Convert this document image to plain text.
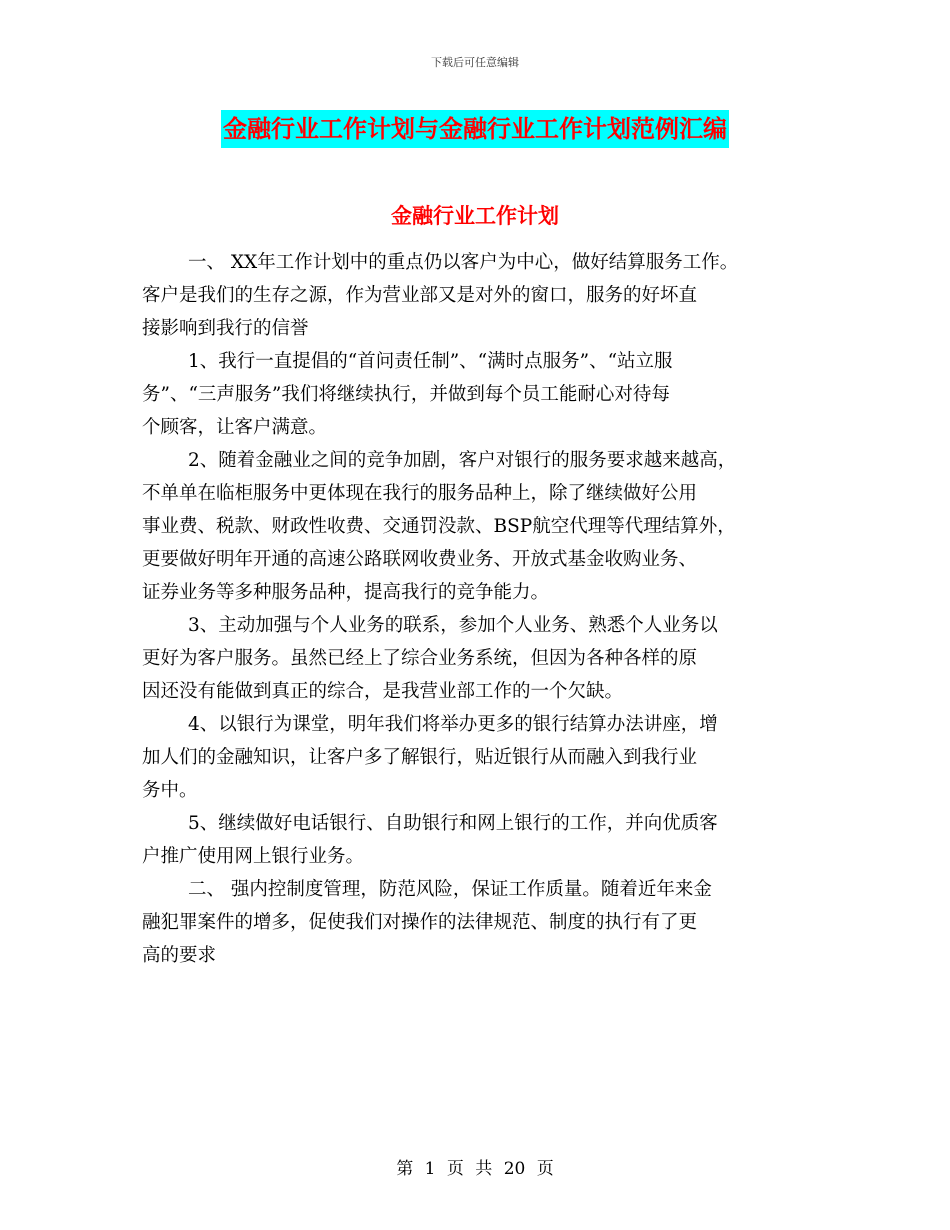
下载后可任意编辑
金融行业工作计划与金融行业工作计划范例汇编
金融行业工作计划

一、 XX年工作计划中的重点仍以客户为中心，做好结算服务工作。
客户是我们的生存之源，作为营业部又是对外的窗口，服务的好坏直
接影响到我行的信誉

1、我行一直提倡的“首问责任制”、“满时点服务”、“站立服
务”、“三声服务”我们将继续执行，并做到每个员工能耐心对待每
个顾客，让客户满意。

2、随着金融业之间的竞争加剧，客户对银行的服务要求越来越高，
不单单在临柜服务中更体现在我行的服务品种上，除了继续做好公用
事业费、税款、财政性收费、交通罚没款、BSP航空代理等代理结算外，
更要做好明年开通的高速公路联网收费业务、开放式基金收购业务、
证券业务等多种服务品种，提高我行的竞争能力。

3、主动加强与个人业务的联系，参加个人业务、熟悉个人业务以
更好为客户服务。虽然已经上了综合业务系统，但因为各种各样的原
因还没有能做到真正的综合，是我营业部工作的一个欠缺。

4、以银行为课堂，明年我们将举办更多的银行结算办法讲座，增
加人们的金融知识，让客户多了解银行，贴近银行从而融入到我行业
务中。

5、继续做好电话银行、自助银行和网上银行的工作，并向优质客
户推广使用网上银行业务。

二、 强内控制度管理，防范风险，保证工作质量。随着近年来金
融犯罪案件的增多，促使我们对操作的法律规范、制度的执行有了更
高的要求

第 1 页 共 20 页
